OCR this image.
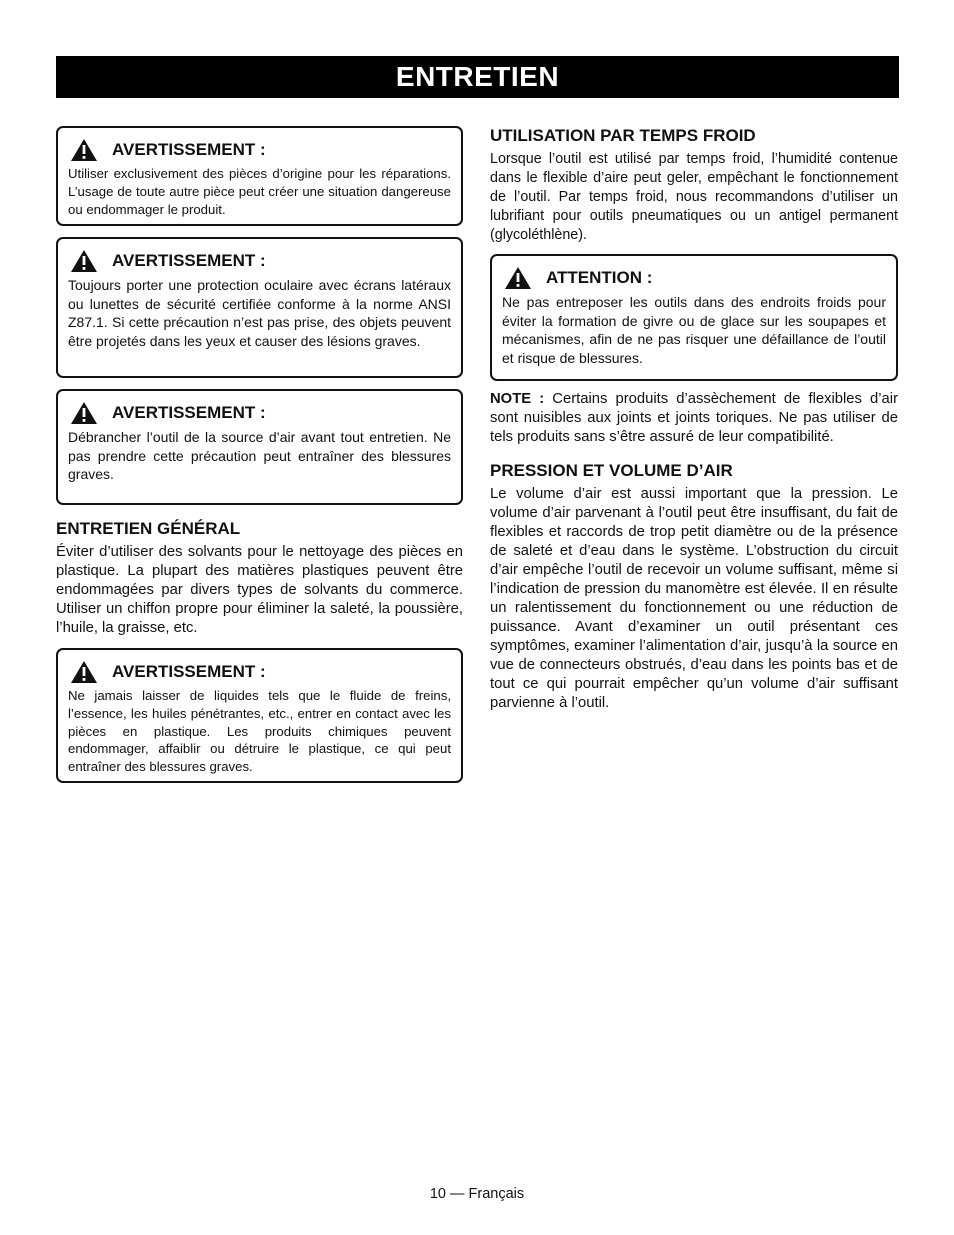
ENTRETIEN
AVERTISSEMENT :

Utiliser exclusivement des pièces d’origine pour les réparations. L’usage de toute autre pièce peut créer une situation dangereuse ou endommager le produit.

AVERTISSEMENT :

Toujours porter une protection oculaire avec écrans latéraux ou lunettes de sécurité certifiée conforme à la norme ANSI Z87.1. Si cette précaution n’est pas prise, des objets peuvent être projetés dans les yeux et causer des lésions graves.

AVERTISSEMENT :

Débrancher l’outil de la source d’air avant tout entretien. Ne pas prendre cette précaution peut entraîner des blessures graves.

ENTRETIEN GÉNÉRAL

Éviter d’utiliser des solvants pour le nettoyage des pièces en plastique. La plupart des matières plastiques peuvent être endommagées par divers types de solvants du commerce. Utiliser un chiffon propre pour éliminer la saleté, la poussière, l’huile, la graisse, etc.

AVERTISSEMENT :

Ne jamais laisser de liquides tels que le fluide de freins, l’essence, les huiles pénétrantes, etc., entrer en contact avec les pièces en plastique. Les produits chimiques peuvent endommager, affaiblir ou détruire le plastique, ce qui peut entraîner des blessures graves.

UTILISATION PAR TEMPS FROID

Lorsque l’outil est utilisé par temps froid, l’humidité contenue dans le flexible d’aire peut geler, empêchant le fonctionnement de l’outil. Par temps froid, nous recommandons d’utiliser un lubrifiant pour outils pneumatiques ou un antigel permanent (glycoléthlène).

ATTENTION :

Ne pas entreposer les outils dans des endroits froids pour éviter la formation de givre ou de glace sur les soupapes et mécanismes, afin de ne pas risquer une défaillance de l’outil et risque de blessures.

NOTE : Certains produits d’assèchement de flexibles d’air sont nuisibles aux joints et joints toriques. Ne pas utiliser de tels produits sans s’être assuré de leur compatibilité.

PRESSION ET VOLUME D’AIR

Le volume d’air est aussi important que la pression. Le volume d’air parvenant à l’outil peut être insuffisant, du fait de flexibles et raccords de trop petit diamètre ou de la présence de saleté et d’eau dans le système. L’obstruction du circuit d’air empêche l’outil de recevoir un volume suffisant, même si l’indication de pression du manomètre est élevée. Il en résulte un ralentissement du fonctionnement ou une réduction de puissance. Avant d’examiner un outil présentant ces symptômes, examiner l’alimentation d’air, jusqu’à la source en vue de connecteurs obstrués, d’eau dans les points bas et de tout ce qui pourrait empêcher qu’un volume d’air suffisant parvienne à l’outil.

10 — Français
